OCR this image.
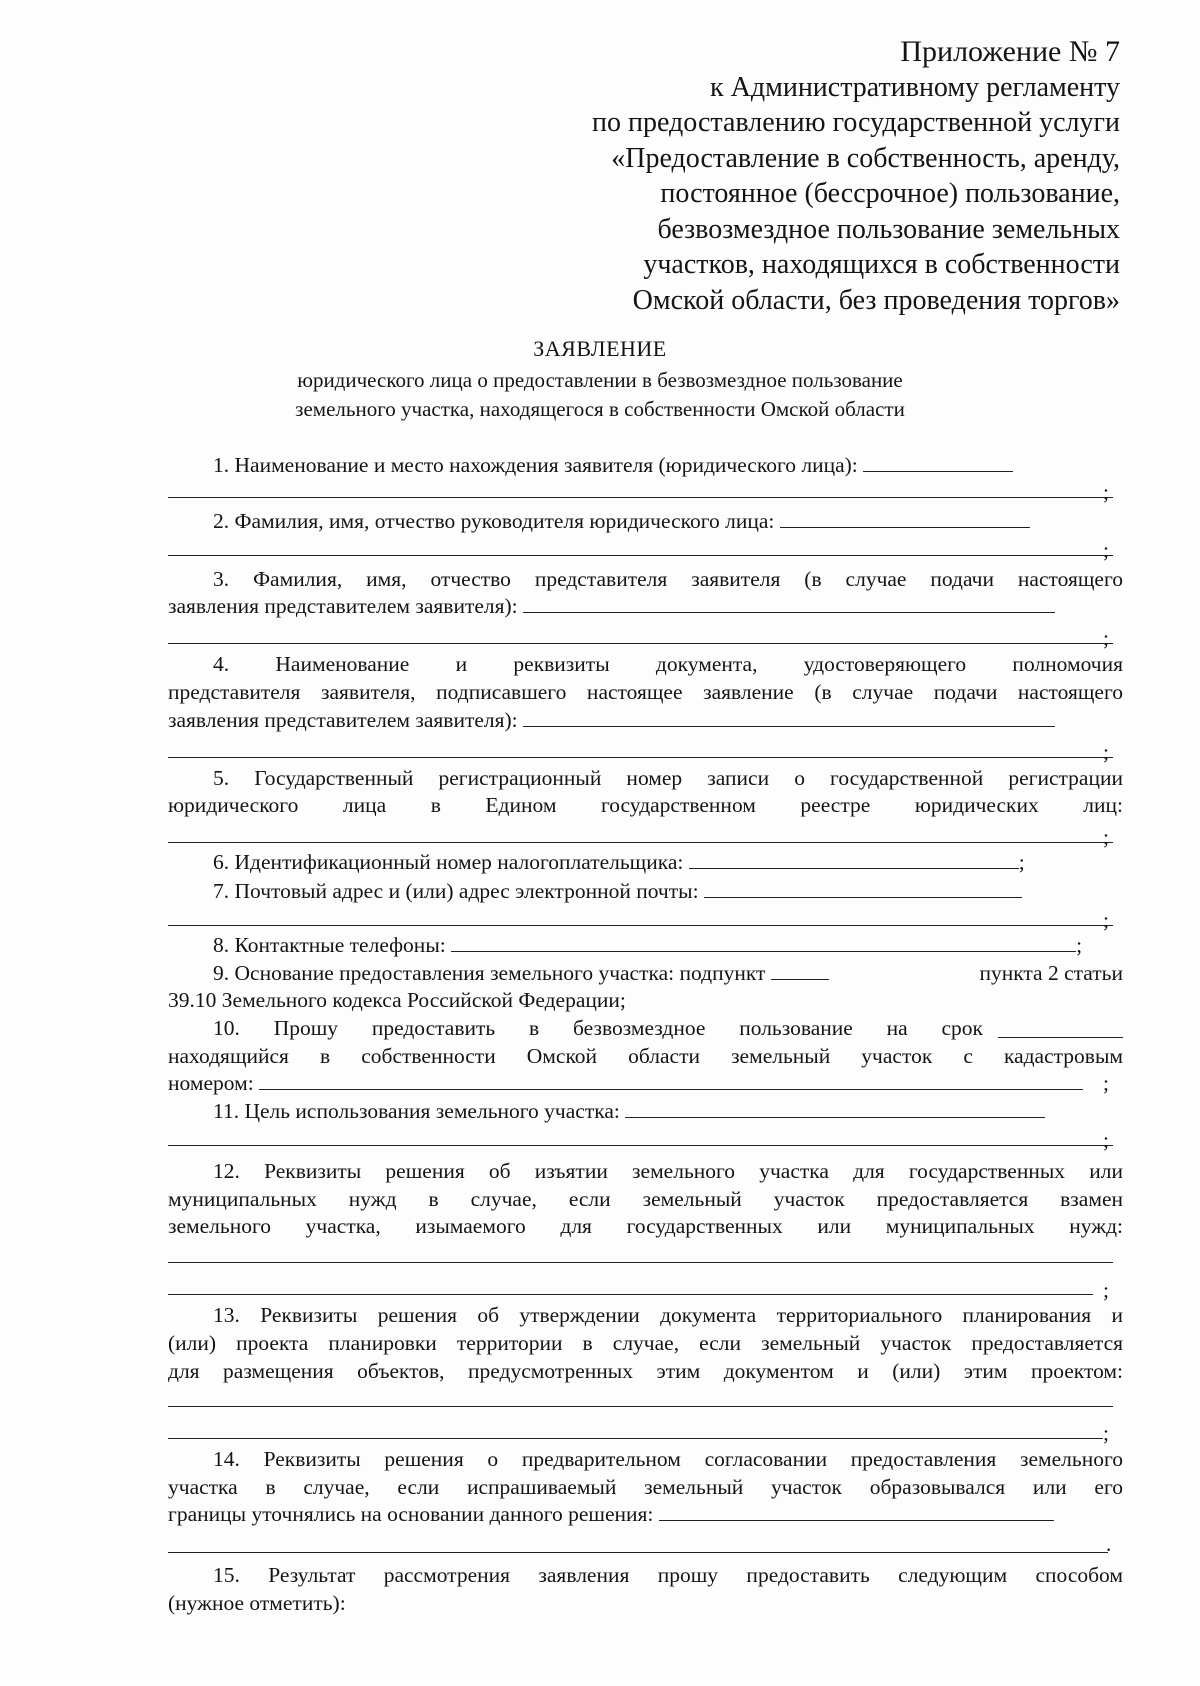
Приложение № 7
к Административному регламенту
по предоставлению государственной услуги
«Предоставление в собственность, аренду,
постоянное (бессрочное) пользование,
безвозмездное пользование земельных
участков, находящихся в собственности
Омской области, без проведения торгов»
ЗАЯВЛЕНИЕ
юридического лица о предоставлении в безвозмездное пользование
земельного участка, находящегося в собственности Омской области
1. Наименование и место нахождения заявителя (юридического лица):
;
2. Фамилия, имя, отчество руководителя юридического лица:
;
3. Фамилия, имя, отчество представителя заявителя (в случае подачи настоящего
заявления представителем заявителя):
;
4. Наименование и реквизиты документа, удостоверяющего полномочия
представителя заявителя, подписавшего настоящее заявление (в случае подачи настоящего
заявления представителем заявителя):
;
5. Государственный регистрационный номер записи о государственной регистрации
юридического лица в Едином государственном реестре юридических лиц:
;
6. Идентификационный номер налогоплательщика:	;
7. Почтовый адрес и (или) адрес электронной почты:
;
8. Контактные телефоны:	;
9. Основание предоставления земельного участка: подпункт	пункта 2 статьи
39.10 Земельного кодекса Российской Федерации;
10. Прошу предоставить в безвозмездное пользование на срок
находящийся в собственности Омской области земельный участок с кадастровым
номером:	;
11. Цель использования земельного участка:
;
12. Реквизиты решения об изъятии земельного участка для государственных или
муниципальных нужд в случае, если земельный участок предоставляется взамен
земельного участка, изымаемого для государственных или муниципальных нужд:
;
13. Реквизиты решения об утверждении документа территориального планирования и
(или) проекта планировки территории в случае, если земельный участок предоставляется
для размещения объектов, предусмотренных этим документом и (или) этим проектом:
;
14. Реквизиты решения о предварительном согласовании предоставления земельного
участка в случае, если испрашиваемый земельный участок образовывался или его
границы уточнялись на основании данного решения:
.
15. Результат рассмотрения заявления прошу предоставить следующим способом
(нужное отметить):
